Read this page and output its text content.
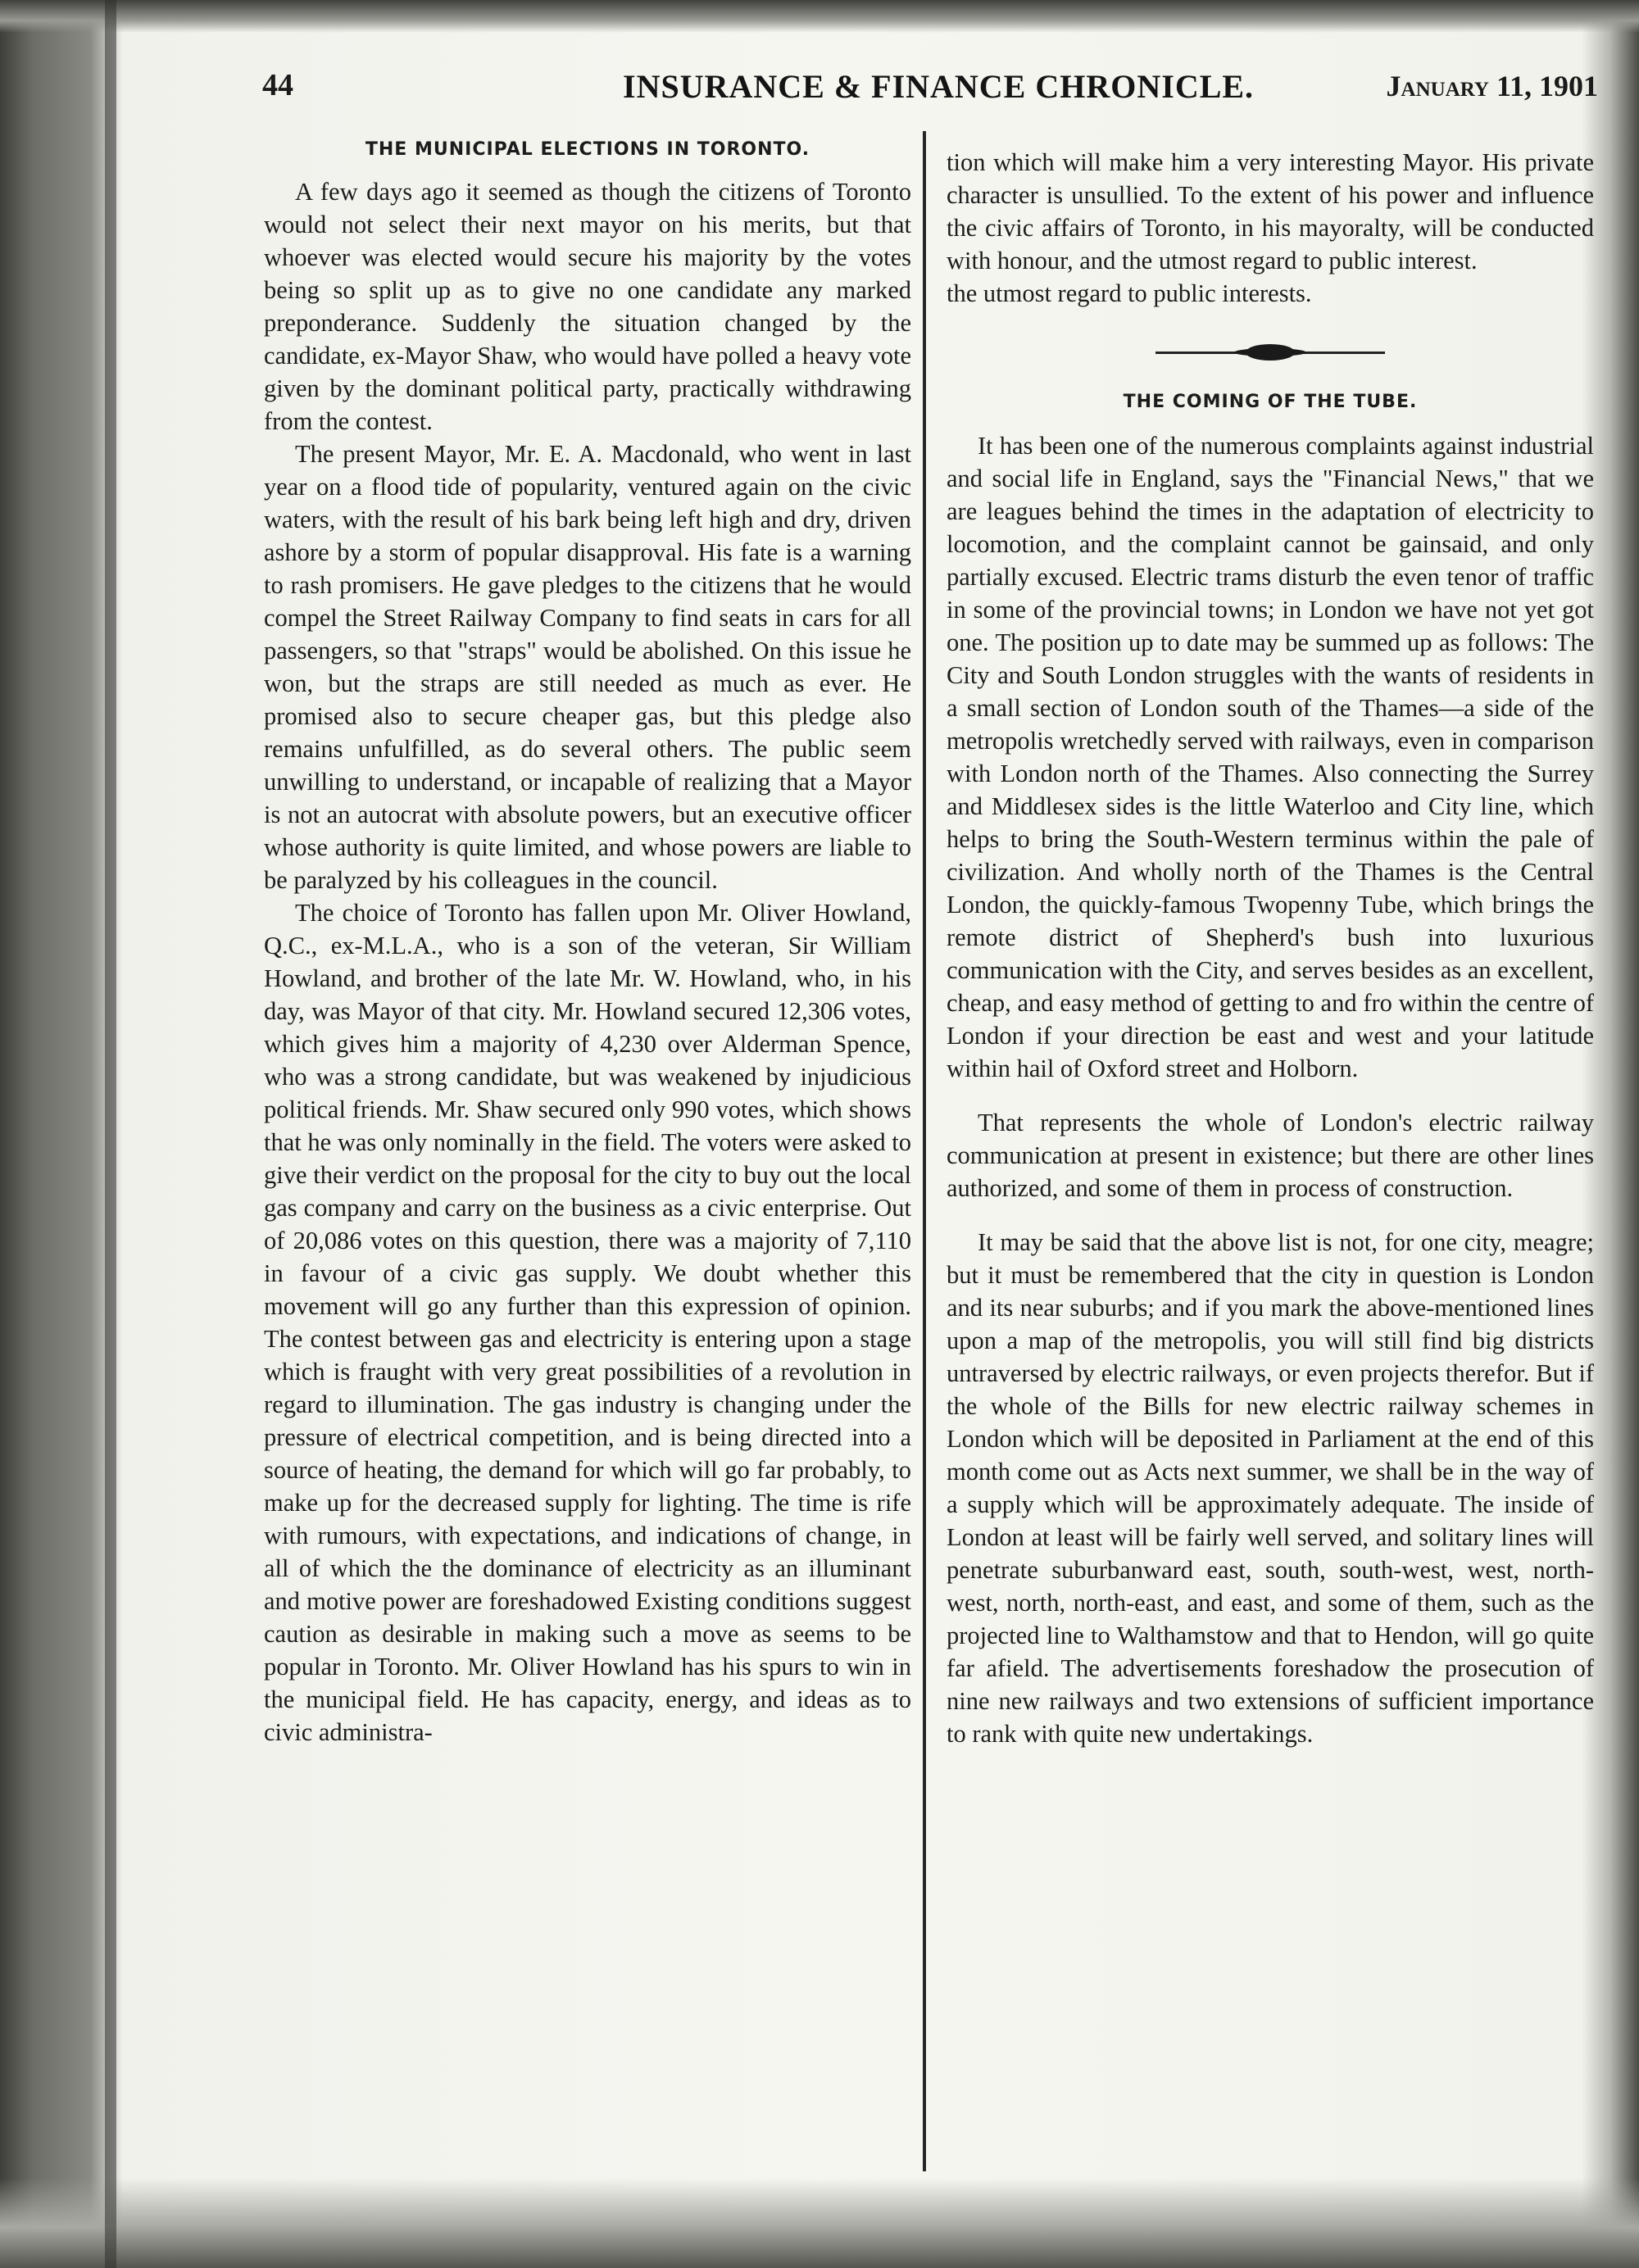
44	INSURANCE & FINANCE CHRONICLE.	January 11, 1901
THE MUNICIPAL ELECTIONS IN TORONTO.

A few days ago it seemed as though the citizens of Toronto would not select their next mayor on his merits, but that whoever was elected would secure his majority by the votes being so split up as to give no one candidate any marked preponderance. Suddenly the situation changed by the candidate, ex-Mayor Shaw, who would have polled a heavy vote given by the dominant political party, practically withdrawing from the contest.

The present Mayor, Mr. E. A. Macdonald, who went in last year on a flood tide of popularity, ventured again on the civic waters, with the result of his bark being left high and dry, driven ashore by a storm of popular disapproval. His fate is a warning to rash promisers. He gave pledges to the citizens that he would compel the Street Railway Company to find seats in cars for all passengers, so that "straps" would be abolished. On this issue he won, but the straps are still needed as much as ever. He promised also to secure cheaper gas, but this pledge also remains unfulfilled, as do several others. The public seem unwilling to understand, or incapable of realizing that a Mayor is not an autocrat with absolute powers, but an executive officer whose authority is quite limited, and whose powers are liable to be paralyzed by his colleagues in the council.

The choice of Toronto has fallen upon Mr. Oliver Howland, Q.C., ex-M.L.A., who is a son of the veteran, Sir William Howland, and brother of the late Mr. W. Howland, who, in his day, was Mayor of that city. Mr. Howland secured 12,306 votes, which gives him a majority of 4,230 over Alderman Spence, who was a strong candidate, but was weakened by injudicious political friends. Mr. Shaw secured only 990 votes, which shows that he was only nominally in the field. The voters were asked to give their verdict on the proposal for the city to buy out the local gas company and carry on the business as a civic enterprise. Out of 20,086 votes on this question, there was a majority of 7,110 in favour of a civic gas supply. We doubt whether this movement will go any further than this expression of opinion. The contest between gas and electricity is entering upon a stage which is fraught with very great possibilities of a revolution in regard to illumination. The gas industry is changing under the pressure of electrical competition, and is being directed into a source of heating, the demand for which will go far probably, to make up for the decreased supply for lighting. The time is rife with rumours, with expectations, and indications of change, in all of which the the dominance of electricity as an illuminant and motive power are foreshadowed Existing conditions suggest caution as desirable in making such a move as seems to be popular in Toronto. Mr. Oliver Howland has his spurs to win in the municipal field. He has capacity, energy, and ideas as to civic administra-

tion which will make him a very interesting Mayor. His private character is unsullied. To the extent of his power and influence the civic affairs of Toronto, in his mayoralty, will be conducted with honour, and the utmost regard to public interest.

the utmost regard to public interests.

THE COMING OF THE TUBE.

It has been one of the numerous complaints against industrial and social life in England, says the "Financial News," that we are leagues behind the times in the adaptation of electricity to locomotion, and the complaint cannot be gainsaid, and only partially excused. Electric trams disturb the even tenor of traffic in some of the provincial towns; in London we have not yet got one. The position up to date may be summed up as follows: The City and South London struggles with the wants of residents in a small section of London south of the Thames—a side of the metropolis wretchedly served with railways, even in comparison with London north of the Thames. Also connecting the Surrey and Middlesex sides is the little Waterloo and City line, which helps to bring the South-Western terminus within the pale of civilization. And wholly north of the Thames is the Central London, the quickly-famous Twopenny Tube, which brings the remote district of Shepherd's bush into luxurious communication with the City, and serves besides as an excellent, cheap, and easy method of getting to and fro within the centre of London if your direction be east and west and your latitude within hail of Oxford street and Holborn.

That represents the whole of London's electric railway communication at present in existence; but there are other lines authorized, and some of them in process of construction.

It may be said that the above list is not, for one city, meagre; but it must be remembered that the city in question is London and its near suburbs; and if you mark the above-mentioned lines upon a map of the metropolis, you will still find big districts untraversed by electric railways, or even projects therefor. But if the whole of the Bills for new electric railway schemes in London which will be deposited in Parliament at the end of this month come out as Acts next summer, we shall be in the way of a supply which will be approximately adequate. The inside of London at least will be fairly well served, and solitary lines will penetrate suburbanward east, south, south-west, west, north-west, north, north-east, and east, and some of them, such as the projected line to Walthamstow and that to Hendon, will go quite far afield. The advertisements foreshadow the prosecution of nine new railways and two extensions of sufficient importance to rank with quite new undertakings.
